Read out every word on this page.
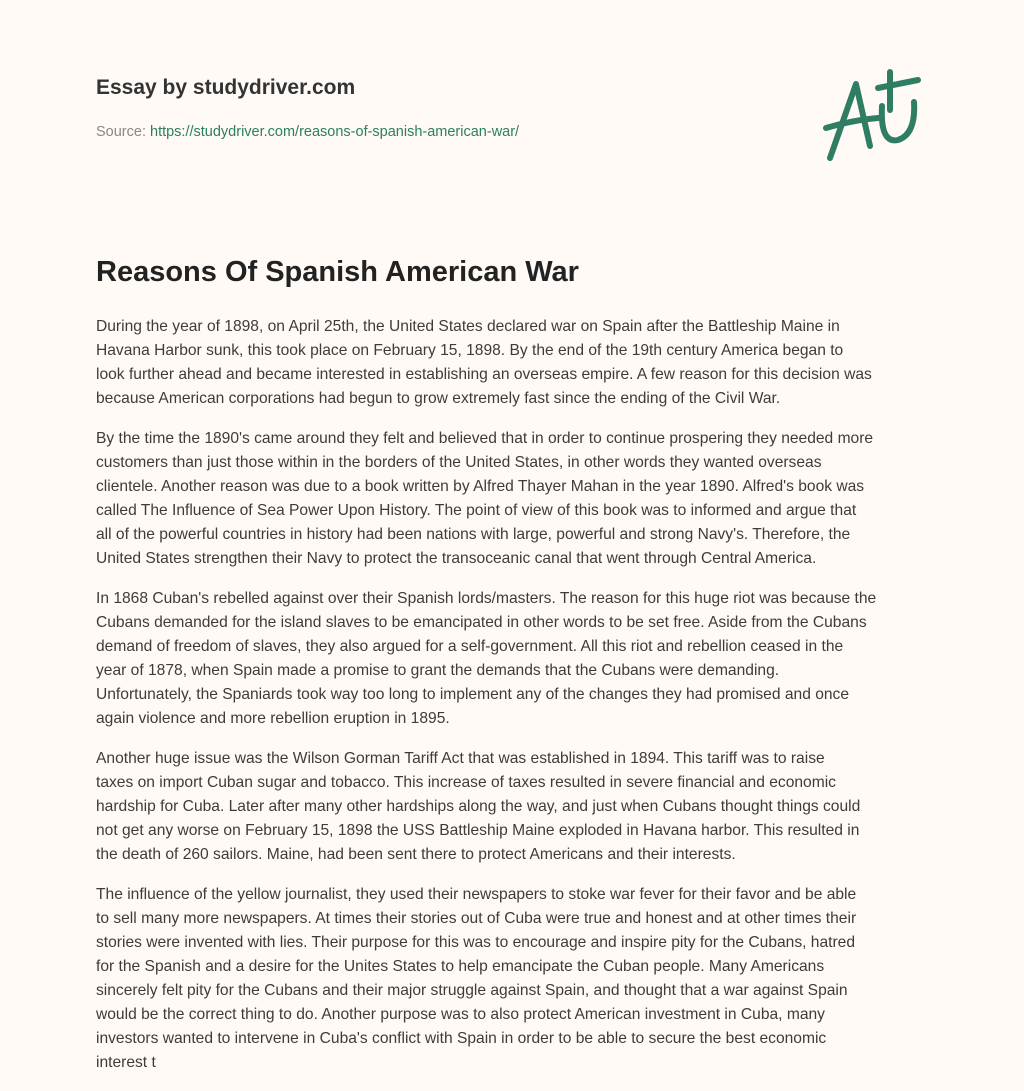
Essay by studydriver.com
Source: https://studydriver.com/reasons-of-spanish-american-war/
Reasons Of Spanish American War

During the year of 1898, on April 25th, the United States declared war on Spain after the Battleship Maine in
Havana Harbor sunk, this took place on February 15, 1898. By the end of the 19th century America began to
look further ahead and became interested in establishing an overseas empire. A few reason for this decision was
because American corporations had begun to grow extremely fast since the ending of the Civil War.

By the time the 1890's came around they felt and believed that in order to continue prospering they needed more
customers than just those within in the borders of the United States, in other words they wanted overseas
clientele. Another reason was due to a book written by Alfred Thayer Mahan in the year 1890. Alfred's book was
called The Influence of Sea Power Upon History. The point of view of this book was to informed and argue that
all of the powerful countries in history had been nations with large, powerful and strong Navy's. Therefore, the
United States strengthen their Navy to protect the transoceanic canal that went through Central America.

In 1868 Cuban's rebelled against over their Spanish lords/masters. The reason for this huge riot was because the
Cubans demanded for the island slaves to be emancipated in other words to be set free. Aside from the Cubans
demand of freedom of slaves, they also argued for a self-government. All this riot and rebellion ceased in the
year of 1878, when Spain made a promise to grant the demands that the Cubans were demanding.
Unfortunately, the Spaniards took way too long to implement any of the changes they had promised and once
again violence and more rebellion eruption in 1895.

Another huge issue was the Wilson Gorman Tariff Act that was established in 1894. This tariff was to raise
taxes on import Cuban sugar and tobacco. This increase of taxes resulted in severe financial and economic
hardship for Cuba. Later after many other hardships along the way, and just when Cubans thought things could
not get any worse on February 15, 1898 the USS Battleship Maine exploded in Havana harbor. This resulted in
the death of 260 sailors. Maine, had been sent there to protect Americans and their interests.

The influence of the yellow journalist, they used their newspapers to stoke war fever for their favor and be able
to sell many more newspapers. At times their stories out of Cuba were true and honest and at other times their
stories were invented with lies. Their purpose for this was to encourage and inspire pity for the Cubans, hatred
for the Spanish and a desire for the Unites States to help emancipate the Cuban people. Many Americans
sincerely felt pity for the Cubans and their major struggle against Spain, and thought that a war against Spain
would be the correct thing to do. Another purpose was to also protect American investment in Cuba, many
investors wanted to intervene in Cuba's conflict with Spain in order to be able to secure the best economic
interest t
